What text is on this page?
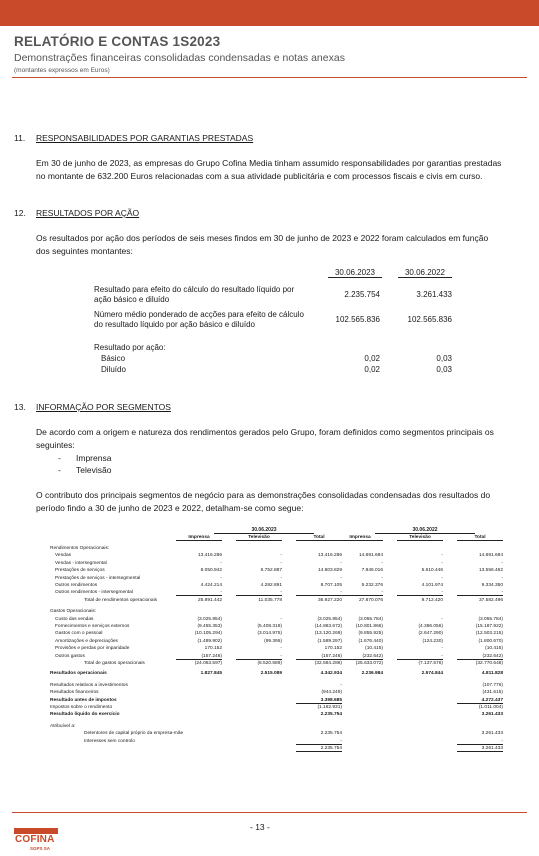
RELATÓRIO E CONTAS 1S2023
Demonstrações financeiras consolidadas condensadas e notas anexas
(montantes expressos em Euros)
11. RESPONSABILIDADES POR GARANTIAS PRESTADAS
Em 30 de junho de 2023, as empresas do Grupo Cofina Media tinham assumido responsabilidades por garantias prestadas
no montante de 632.200 Euros relacionadas com a sua atividade publicitária e com processos fiscais e civis em curso.
12. RESULTADOS POR AÇÃO
Os resultados por ação dos períodos de seis meses findos em 30 de junho de 2023 e 2022 foram calculados em função
dos seguintes montantes:
30.06.2023	30.06.2022
Resultado para efeito do cálculo do resultado líquido por
ação básico e diluído
2.235.754	3.261.433
Número médio ponderado de acções para efeito de cálculo
do resultado líquido por ação básico e diluído
102.565.836	102.565.836
Resultado por ação:
Básico	0,02	0,03
Diluído	0,02	0,03
13. INFORMAÇÃO POR SEGMENTOS
De acordo com a origem e natureza dos rendimentos gerados pelo Grupo, foram definidos como segmentos principais os
seguintes:
- Imprensa
- Televisão
O contributo dos principais segmentos de negócio para as demonstrações consolidadas condensadas dos resultados do
período findo a 30 de junho de 2023 e 2022, detalham-se como segue:
30.06.2023	30.06.2022
Imprensa	Televisão	Total	Imprensa	Televisão	Total
Rendimentos Operacionais:
Vendas	13.416.286	-	13.416.286	14.691.684	-	14.691.684
Vendas - intersegmental	-	-	-	-	-	-
Prestações de serviços	8.050.942	6.752.887	14.803.829	7.946.016	5.610.446	13.556.462
Prestações de serviços - intersegmental	-	-	-	-	-	-
Outros rendimentos	4.424.214	4.282.891	8.707.105	5.232.376	4.101.974	9.334.350
Outros rendimentos - intersegmental	-	-	-	-	-	-
Total de rendimentos operacionais	25.891.442	11.035.778	36.927.220	27.870.076	9.712.420	37.582.496
Gastos Operacionais:
Custo das vendas	(3.025.954)	-	(3.025.954)	(3.055.784)	-	(3.055.784)
Fornecimentos e serviços externos	(9.455.353)	(5.408.319)	(14.863.672)	(10.801.866)	(4.386.056)	(15.187.922)
Gastos com o pessoal	(10.105.294)	(3.014.975)	(13.120.269)	(9.855.925)	(2.647.290)	(12.503.215)
Amortizações e depreciações	(1.489.902)	(99.395)	(1.589.297)	(1.676.440)	(124.230)	(1.800.670)
Provisões e perdas por imparidade	170.152	-	170.152	(10.415)	-	(10.415)
Outros gastos	(157.246)	-	(157.246)	(232.642)	-	(232.642)
Total de gastos operacionais	(24.063.597)	(8.520.689)	(32.584.286)	(25.633.072)	(7.137.576)	(32.770.648)
Resultados operacionais	1.827.845	2.515.089	4.342.934	2.236.984	2.574.844	4.811.828
Resultados relativos a investimentos	-	(107.776)
Resultados financeiros	(944.249)	(431.615)
Resultado antes de impostos	3.398.685	4.272.437
Impostos sobre o rendimento	(1.162.931)	(1.011.004)
Resultado líquido do exercício	2.235.754	3.261.433
Atribuível a:
Detentores de capital próprio da empresa-mãe	2.235.754	3.261.433
Interesses sem controlo	-	-
2.235.754	3.261.433
- 13 -
COFINA
SGPS SA
